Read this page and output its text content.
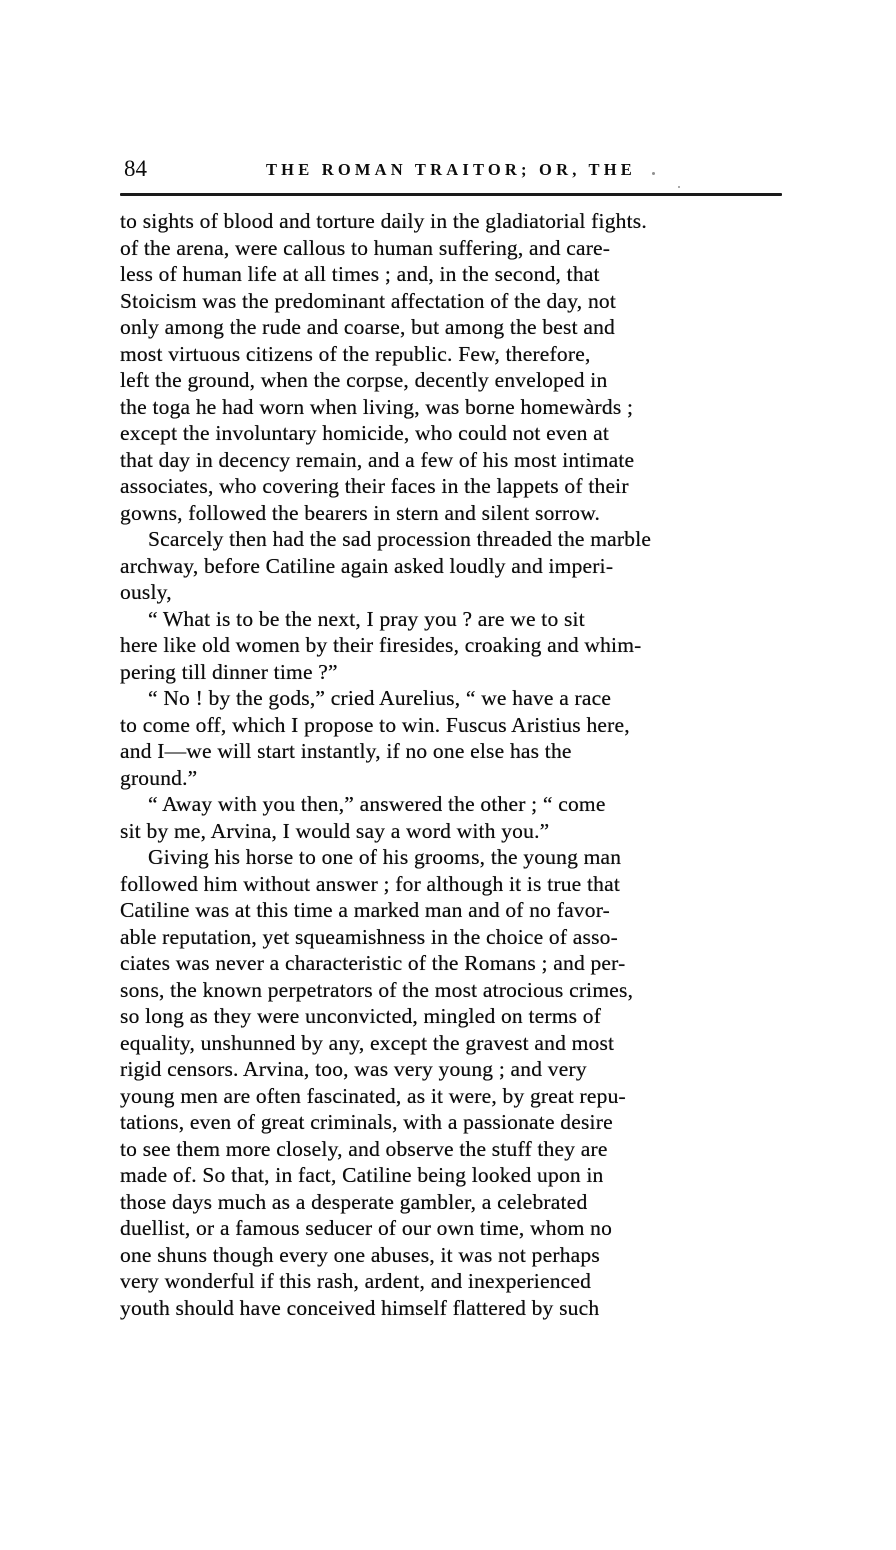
84	THE ROMAN TRAITOR; OR, THE
to sights of blood and torture daily in the gladiatorial fights.
of the arena, were callous to human suffering, and care-
less of human life at all times ; and, in the second, that
Stoicism was the predominant affectation of the day, not
only among the rude and coarse, but among the best and
most virtuous citizens of the republic. Few, therefore,
left the ground, when the corpse, decently enveloped in
the toga he had worn when living, was borne homewàrds ;
except the involuntary homicide, who could not even at
that day in decency remain, and a few of his most intimate
associates, who covering their faces in the lappets of their
gowns, followed the bearers in stern and silent sorrow.
Scarcely then had the sad procession threaded the marble
archway, before Catiline again asked loudly and imperi-
ously,
“ What is to be the next, I pray you ? are we to sit
here like old women by their firesides, croaking and whim-
pering till dinner time ?”
“ No ! by the gods,” cried Aurelius, “ we have a race
to come off, which I propose to win. Fuscus Aristius here,
and I—we will start instantly, if no one else has the
ground.”
“ Away with you then,” answered the other ; “ come
sit by me, Arvina, I would say a word with you.”
Giving his horse to one of his grooms, the young man
followed him without answer ; for although it is true that
Catiline was at this time a marked man and of no favor-
able reputation, yet squeamishness in the choice of asso-
ciates was never a characteristic of the Romans ; and per-
sons, the known perpetrators of the most atrocious crimes,
so long as they were unconvicted, mingled on terms of
equality, unshunned by any, except the gravest and most
rigid censors. Arvina, too, was very young ; and very
young men are often fascinated, as it were, by great repu-
tations, even of great criminals, with a passionate desire
to see them more closely, and observe the stuff they are
made of. So that, in fact, Catiline being looked upon in
those days much as a desperate gambler, a celebrated
duellist, or a famous seducer of our own time, whom no
one shuns though every one abuses, it was not perhaps
very wonderful if this rash, ardent, and inexperienced
youth should have conceived himself flattered by such
